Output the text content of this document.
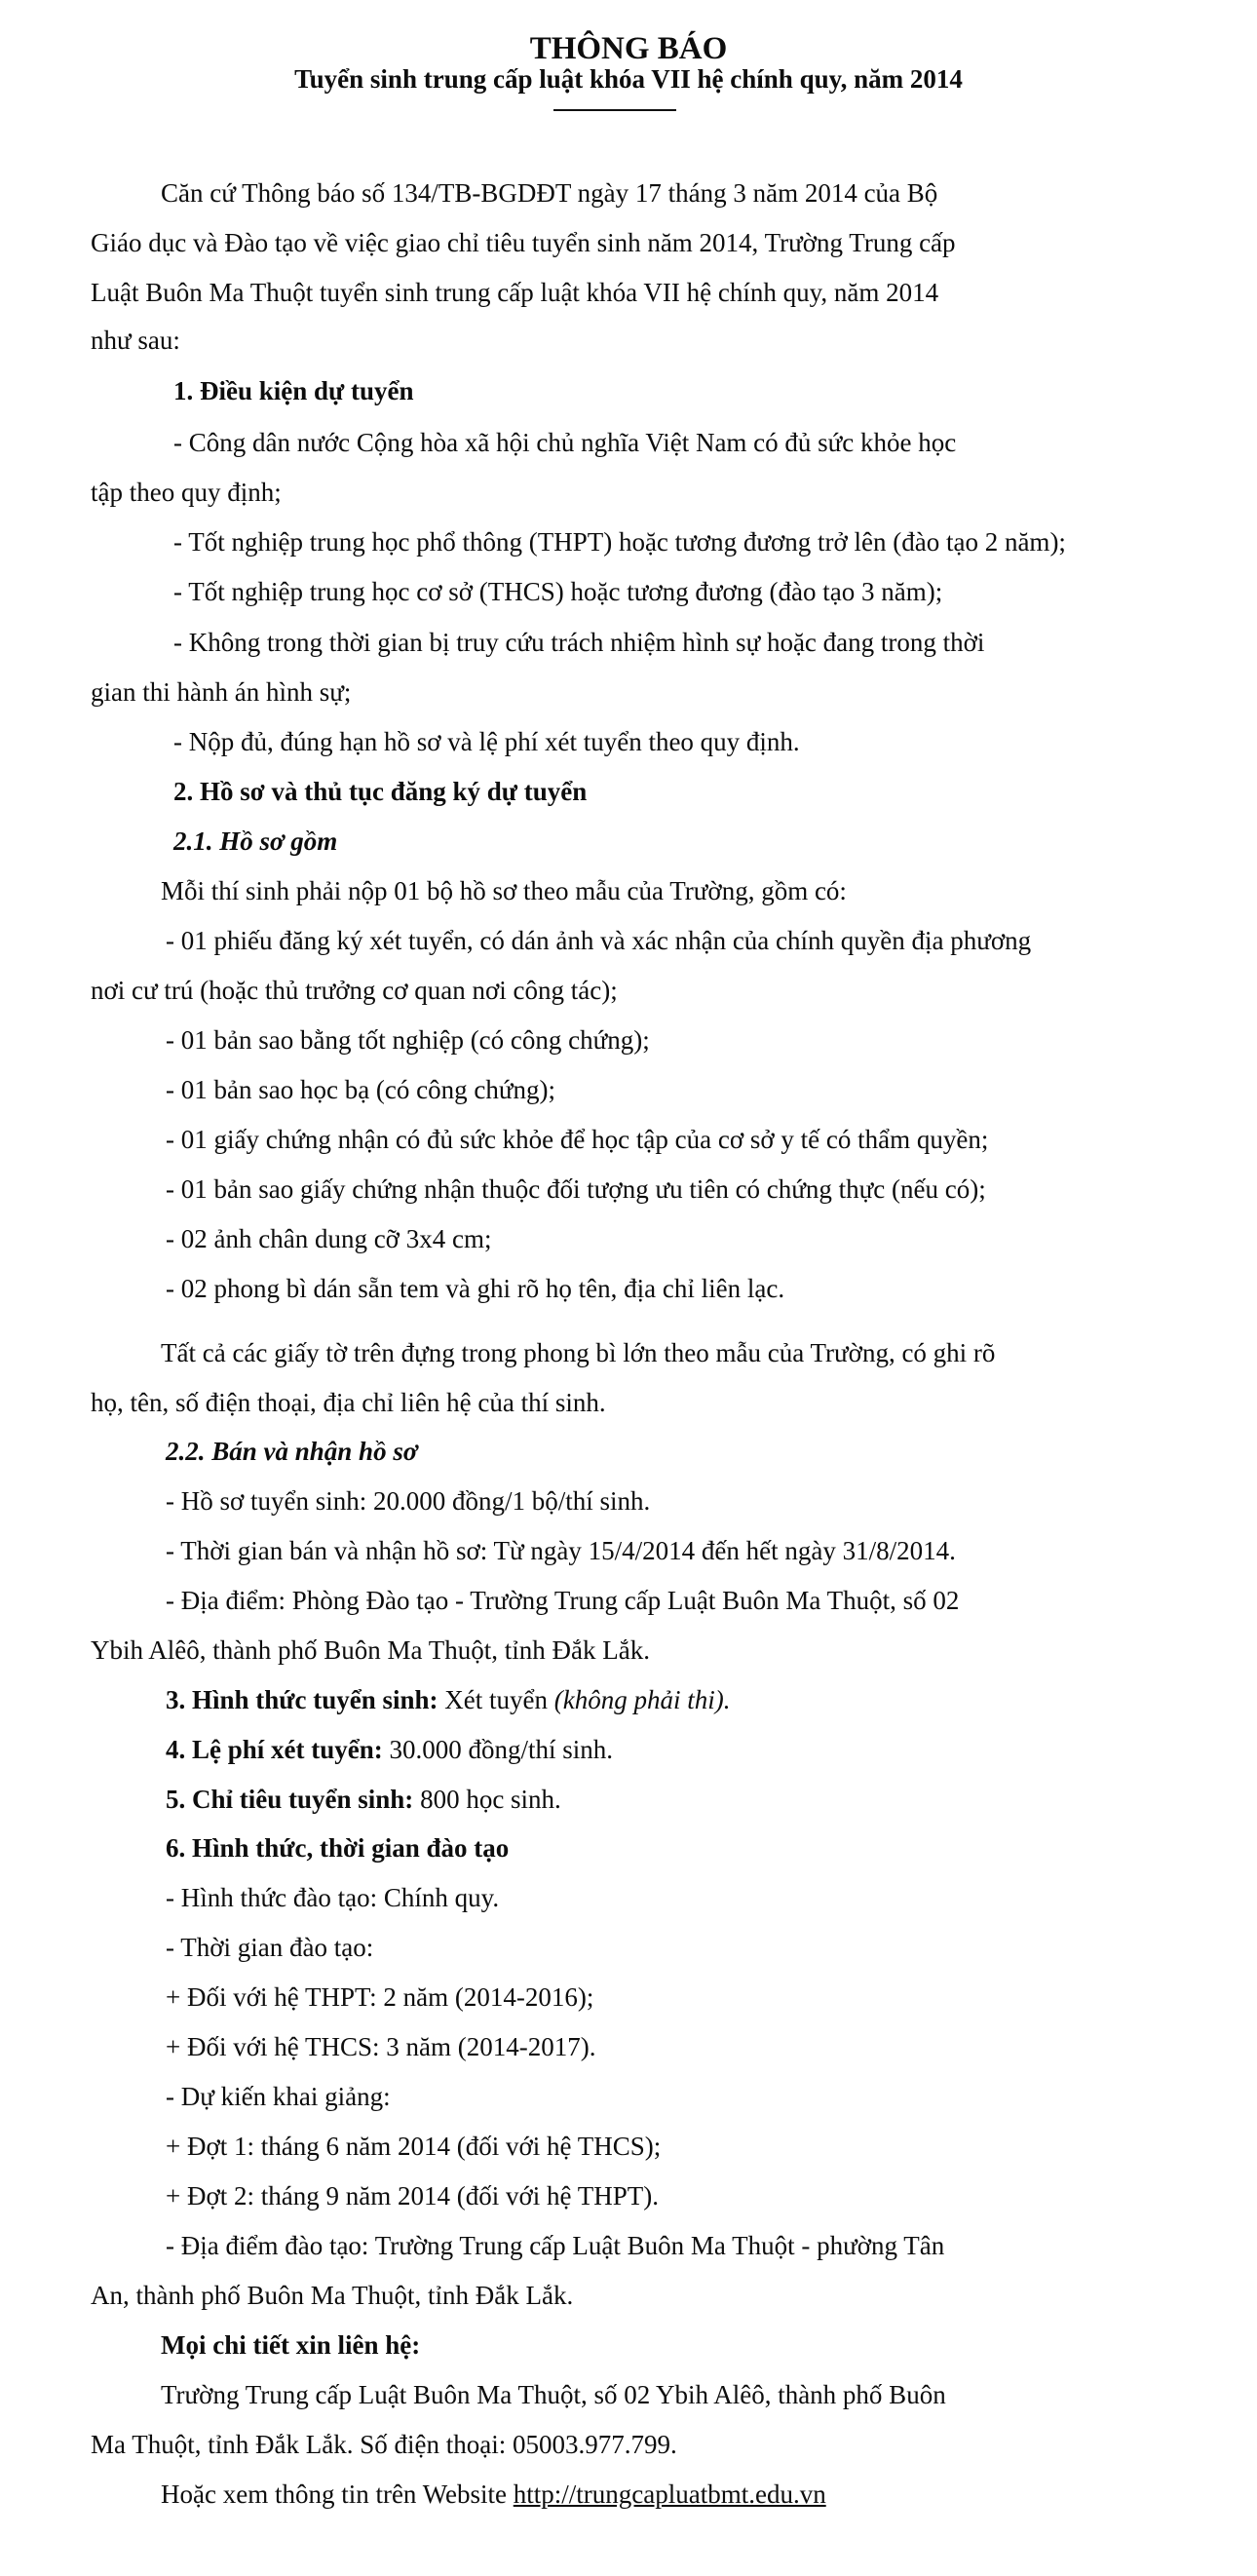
THÔNG BÁO
Tuyển sinh trung cấp luật khóa VII hệ chính quy, năm 2014
Căn cứ Thông báo số 134/TB-BGDĐT ngày 17 tháng 3 năm 2014 của Bộ
Giáo dục và Đào tạo về việc giao chỉ tiêu tuyển sinh năm 2014, Trường Trung cấp
Luật Buôn Ma Thuột tuyển sinh trung cấp luật khóa VII hệ chính quy, năm 2014
như sau:
1. Điều kiện dự tuyển
- Công dân nước Cộng hòa xã hội chủ nghĩa Việt Nam có đủ sức khỏe học
tập theo quy định;
- Tốt nghiệp trung học phổ thông (THPT) hoặc tương đương trở lên (đào tạo 2 năm);
- Tốt nghiệp trung học cơ sở (THCS) hoặc tương đương (đào tạo 3 năm);
- Không trong thời gian bị truy cứu trách nhiệm hình sự hoặc đang trong thời
gian thi hành án hình sự;
- Nộp đủ, đúng hạn hồ sơ và lệ phí xét tuyển theo quy định.
2. Hồ sơ và thủ tục đăng ký dự tuyển
2.1. Hồ sơ gồm
Mỗi thí sinh phải nộp 01 bộ hồ sơ theo mẫu của Trường, gồm có:
- 01 phiếu đăng ký xét tuyển, có dán ảnh và xác nhận của chính quyền địa phương
nơi cư trú (hoặc thủ trưởng cơ quan nơi công tác);
- 01 bản sao bằng tốt nghiệp (có công chứng);
- 01 bản sao học bạ (có công chứng);
- 01 giấy chứng nhận có đủ sức khỏe để học tập của cơ sở y tế có thẩm quyền;
- 01 bản sao giấy chứng nhận thuộc đối tượng ưu tiên có chứng thực (nếu có);
- 02 ảnh chân dung cỡ 3x4 cm;
- 02 phong bì dán sẵn tem và ghi rõ họ tên, địa chỉ liên lạc.
Tất cả các giấy tờ trên đựng trong phong bì lớn theo mẫu của Trường, có ghi rõ
họ, tên, số điện thoại, địa chỉ liên hệ của thí sinh.
2.2. Bán và nhận hồ sơ
- Hồ sơ tuyển sinh: 20.000 đồng/1 bộ/thí sinh.
- Thời gian bán và nhận hồ sơ: Từ ngày 15/4/2014 đến hết ngày 31/8/2014.
- Địa điểm: Phòng Đào tạo - Trường Trung cấp Luật Buôn Ma Thuột, số 02
Ybih Alêô, thành phố Buôn Ma Thuột, tỉnh Đắk Lắk.
3. Hình thức tuyển sinh: Xét tuyển (không phải thi).
4. Lệ phí xét tuyển: 30.000 đồng/thí sinh.
5. Chỉ tiêu tuyển sinh: 800 học sinh.
6. Hình thức, thời gian đào tạo
- Hình thức đào tạo: Chính quy.
- Thời gian đào tạo:
+ Đối với hệ THPT: 2 năm (2014-2016);
+ Đối với hệ THCS: 3 năm (2014-2017).
- Dự kiến khai giảng:
+ Đợt 1: tháng 6 năm 2014 (đối với hệ THCS);
+ Đợt 2: tháng 9 năm 2014 (đối với hệ THPT).
- Địa điểm đào tạo: Trường Trung cấp Luật Buôn Ma Thuột - phường Tân
An, thành phố Buôn Ma Thuột, tỉnh Đắk Lắk.
Mọi chi tiết xin liên hệ:
Trường Trung cấp Luật Buôn Ma Thuột, số 02 Ybih Alêô, thành phố Buôn
Ma Thuột, tỉnh Đắk Lắk. Số điện thoại: 05003.977.799.
Hoặc xem thông tin trên Website http://trungcapluatbmt.edu.vn
